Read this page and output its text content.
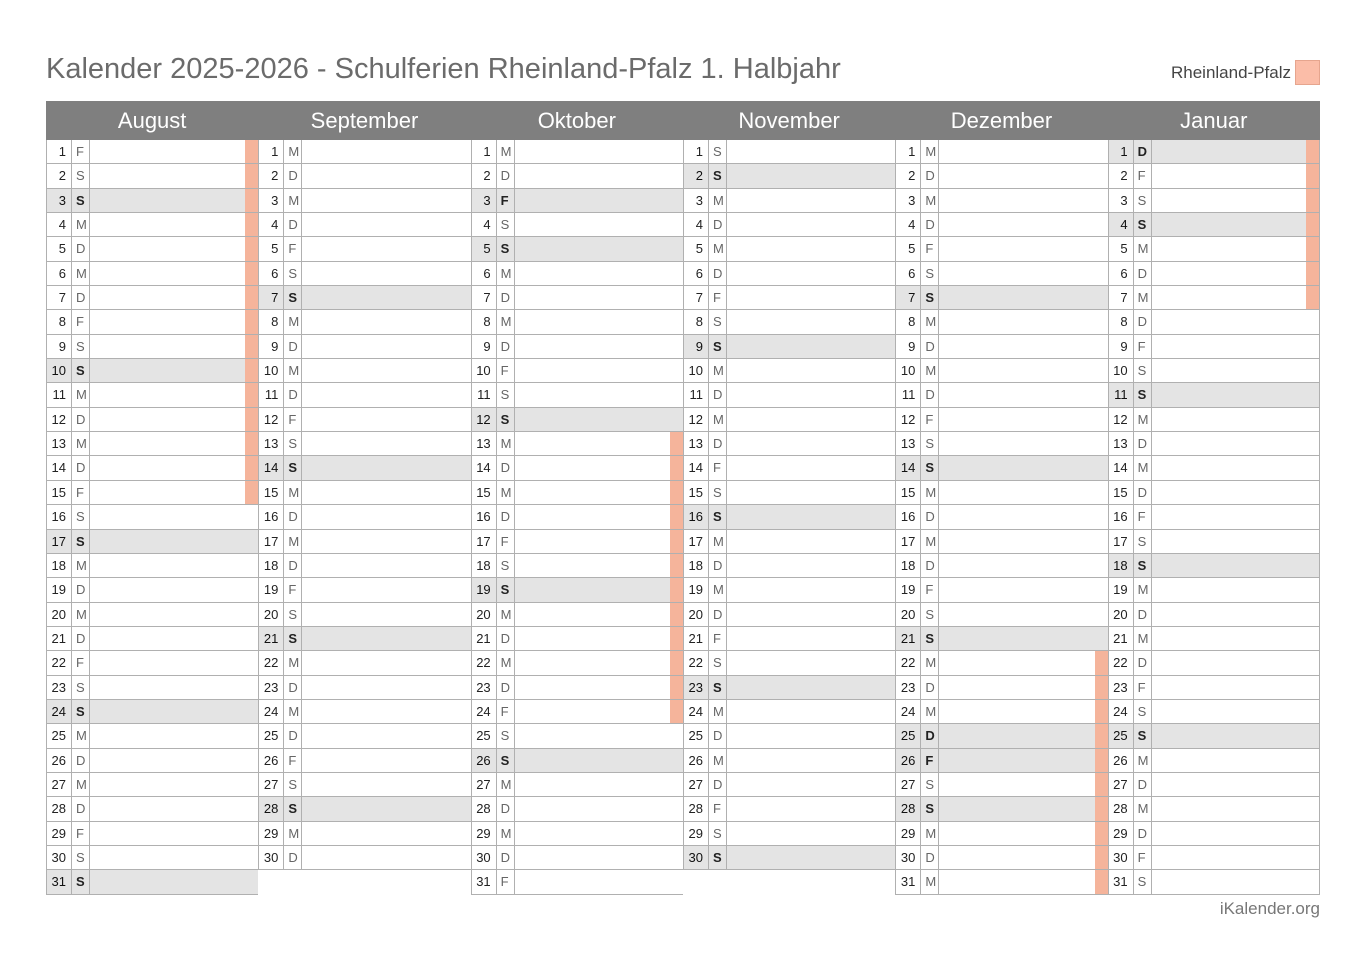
Kalender 2025-2026 - Schulferien Rheinland-Pfalz 1. Halbjahr	Rheinland-Pfalz
August
1 F
2 S
3 S
4 M
5 D
6 M
7 D
8 F
9 S
10 S
11 M
12 D
13 M
14 D
15 F
16 S
17 S
18 M
19 D
20 M
21 D
22 F
23 S
24 S
25 M
26 D
27 M
28 D
29 F
30 S
31 S
September
1 M
2 D
3 M
4 D
5 F
6 S
7 S
8 M
9 D
10 M
11 D
12 F
13 S
14 S
15 M
16 D
17 M
18 D
19 F
20 S
21 S
22 M
23 D
24 M
25 D
26 F
27 S
28 S
29 M
30 D
Oktober
1 M
2 D
3 F
4 S
5 S
6 M
7 D
8 M
9 D
10 F
11 S
12 S
13 M
14 D
15 M
16 D
17 F
18 S
19 S
20 M
21 D
22 M
23 D
24 F
25 S
26 S
27 M
28 D
29 M
30 D
31 F
November
1 S
2 S
3 M
4 D
5 M
6 D
7 F
8 S
9 S
10 M
11 D
12 M
13 D
14 F
15 S
16 S
17 M
18 D
19 M
20 D
21 F
22 S
23 S
24 M
25 D
26 M
27 D
28 F
29 S
30 S
Dezember
1 M
2 D
3 M
4 D
5 F
6 S
7 S
8 M
9 D
10 M
11 D
12 F
13 S
14 S
15 M
16 D
17 M
18 D
19 F
20 S
21 S
22 M
23 D
24 M
25 D
26 F
27 S
28 S
29 M
30 D
31 M
Januar
1 D
2 F
3 S
4 S
5 M
6 D
7 M
8 D
9 F
10 S
11 S
12 M
13 D
14 M
15 D
16 F
17 S
18 S
19 M
20 D
21 M
22 D
23 F
24 S
25 S
26 M
27 D
28 M
29 D
30 F
31 S
iKalender.org
